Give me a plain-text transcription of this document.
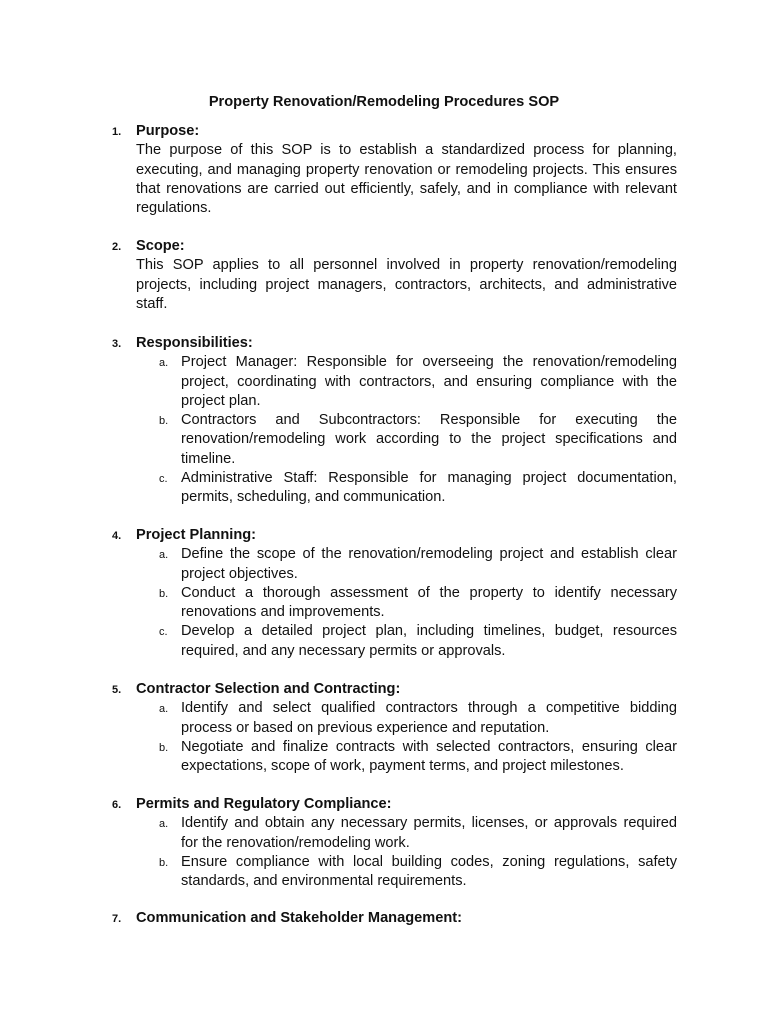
Property Renovation/Remodeling Procedures SOP
1. Purpose:

The purpose of this SOP is to establish a standardized process for planning, executing, and managing property renovation or remodeling projects. This ensures that renovations are carried out efficiently, safely, and in compliance with relevant regulations.

2. Scope:

This SOP applies to all personnel involved in property renovation/remodeling projects, including project managers, contractors, architects, and administrative staff.

3. Responsibilities:
a. Project Manager: Responsible for overseeing the renovation/remodeling project, coordinating with contractors, and ensuring compliance with the project plan.

b. Contractors and Subcontractors: Responsible for executing the renovation/remodeling work according to the project specifications and timeline.

c. Administrative Staff: Responsible for managing project documentation, permits, scheduling, and communication.

4. Project Planning:
a. Define the scope of the renovation/remodeling project and establish clear project objectives.

b. Conduct a thorough assessment of the property to identify necessary renovations and improvements.

c. Develop a detailed project plan, including timelines, budget, resources required, and any necessary permits or approvals.

5. Contractor Selection and Contracting:
a. Identify and select qualified contractors through a competitive bidding process or based on previous experience and reputation.

b. Negotiate and finalize contracts with selected contractors, ensuring clear expectations, scope of work, payment terms, and project milestones.

6. Permits and Regulatory Compliance:
a. Identify and obtain any necessary permits, licenses, or approvals required for the renovation/remodeling work.

b. Ensure compliance with local building codes, zoning regulations, safety standards, and environmental requirements.

7. Communication and Stakeholder Management:
